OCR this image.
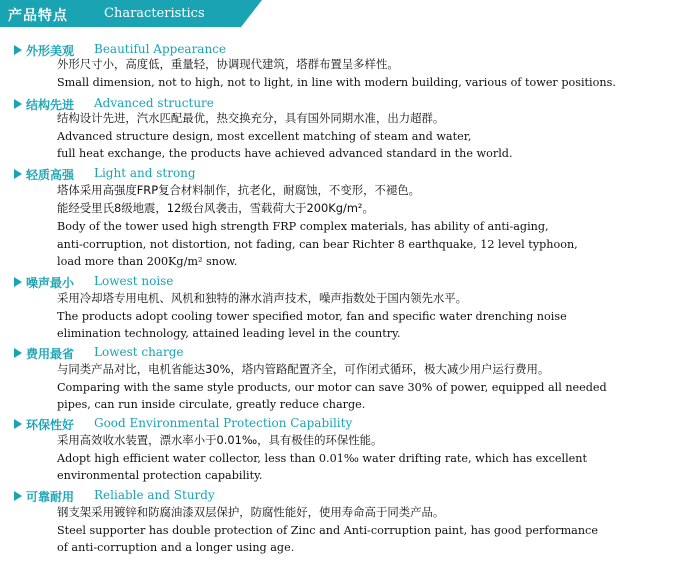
产品特点	Characteristics
外形美观 Beautiful Appearance
外形尺寸小，高度低，重量轻，协调现代建筑，塔群布置呈多样性。
Small dimension, not to high, not to light, in line with modern building, various of tower positions.
结构先进 Advanced structure
结构设计先进，汽水匹配最优，热交换充分，具有国外同期水准，出力超群。
Advanced structure design, most excellent matching of steam and water,
full heat exchange, the products have achieved advanced standard in the world.
轻质高强 Light and strong
塔体采用高强度FRP复合材料制作，抗老化，耐腐蚀，不变形，不褪色。
能经受里氏8级地震，12级台风袭击，雪载荷大于200Kg/m²。
Body of the tower used high strength FRP complex materials, has ability of anti-aging,
anti-corruption, not distortion, not fading, can bear Richter 8 earthquake, 12 level typhoon,
load more than 200Kg/m² snow.
噪声最小 Lowest noise
采用冷却塔专用电机、风机和独特的淋水消声技术，噪声指数处于国内领先水平。
The products adopt cooling tower specified motor, fan and specific water drenching noise
elimination technology, attained leading level in the country.
费用最省 Lowest charge
与同类产品对比，电机省能达30%，塔内管路配置齐全，可作闭式循环，极大减少用户运行费用。
Comparing with the same style products, our motor can save 30% of power, equipped all needed
pipes, can run inside circulate, greatly reduce charge.
环保性好 Good Environmental Protection Capability
采用高效收水装置，漂水率小于0.01‰，具有极佳的环保性能。
Adopt high efficient water collector, less than 0.01‰ water drifting rate, which has excellent
environmental protection capability.
可靠耐用 Reliable and Sturdy
钢支架采用镀锌和防腐油漆双层保护，防腐性能好，使用寿命高于同类产品。
Steel supporter has double protection of Zinc and Anti-corruption paint, has good performance
of anti-corruption and a longer using age.
